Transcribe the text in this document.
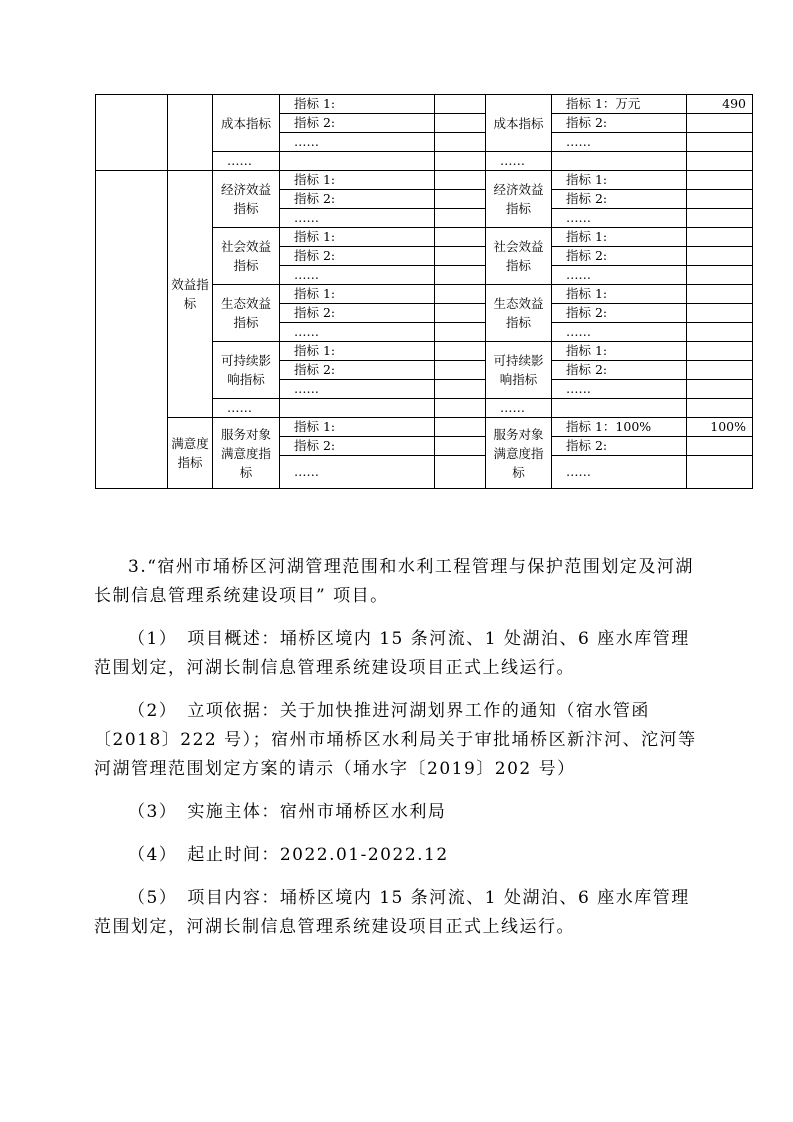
		成本指标	指标 1:		成本指标	指标 1：万元	490
			指标 2:			指标 2:	
			……			……	
		……			……		
	效益指标	经济效益指标	指标 1:		经济效益指标	指标 1:	
			指标 2:			指标 2:	
			……			……	
		社会效益指标	指标 1:		社会效益指标	指标 1:	
			指标 2:			指标 2:	
			……			……	
		生态效益指标	指标 1:		生态效益指标	指标 1:	
			指标 2:			指标 2:	
			……			……	
		可持续影响指标	指标 1:		可持续影响指标	指标 1:	
			指标 2:			指标 2:	
			……			……	
		……			……		
	满意度指标	服务对象满意度指标	指标 1:		服务对象满意度指标	指标 1：100%	100%
			指标 2:			指标 2:	
			……			……	

3.“宿州市埇桥区河湖管理范围和水利工程管理与保护范围划定及河湖长制信息管理系统建设项目” 项目。

（1） 项目概述：埇桥区境内 15 条河流、1 处湖泊、6 座水库管理范围划定，河湖长制信息管理系统建设项目正式上线运行。

（2） 立项依据：关于加快推进河湖划界工作的通知（宿水管函〔2018〕222 号）；宿州市埇桥区水利局关于审批埇桥区新汴河、沱河等河湖管理范围划定方案的请示（埇水字〔2019〕202 号）

（3） 实施主体：宿州市埇桥区水利局

（4） 起止时间：2022.01-2022.12

（5） 项目内容：埇桥区境内 15 条河流、1 处湖泊、6 座水库管理范围划定，河湖长制信息管理系统建设项目正式上线运行。
